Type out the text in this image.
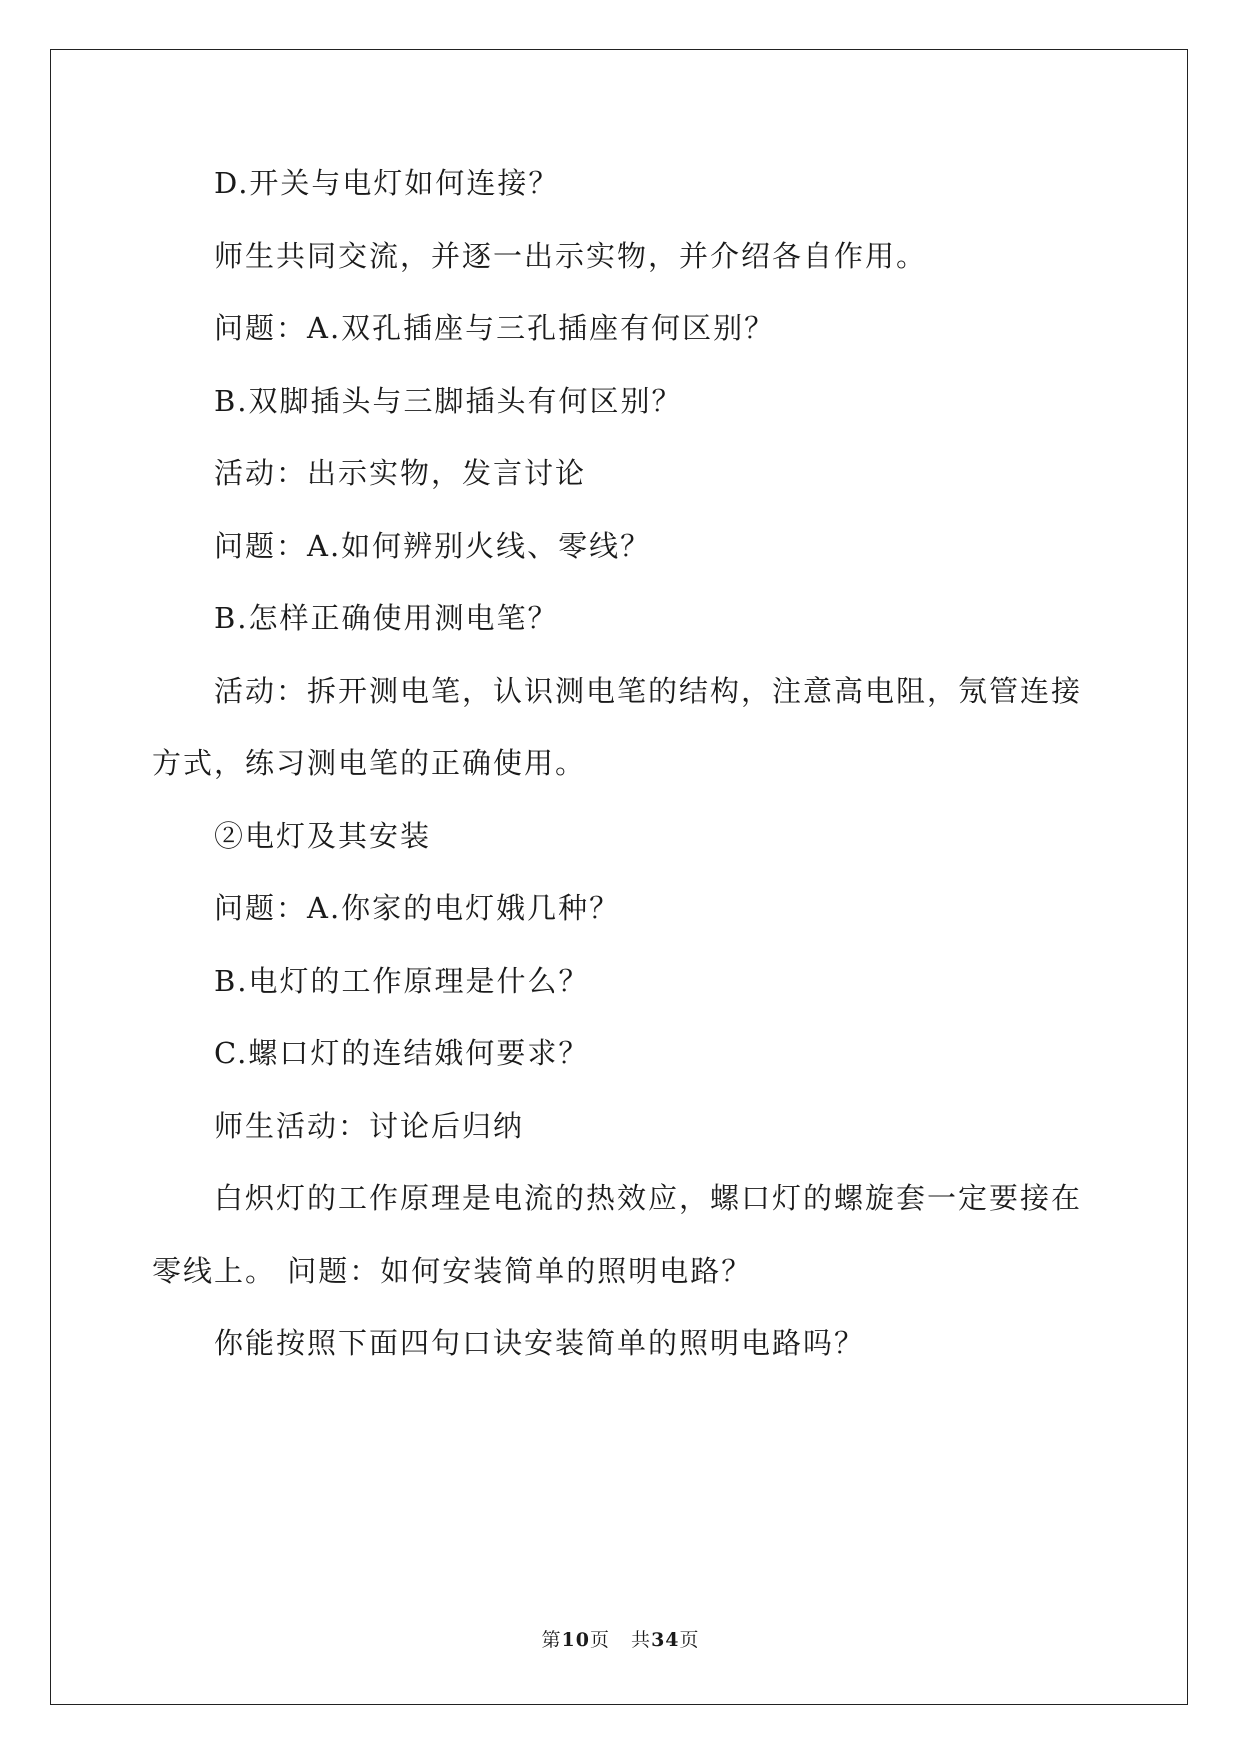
D.开关与电灯如何连接？

师生共同交流，并逐一出示实物，并介绍各自作用。

问题：A.双孔插座与三孔插座有何区别？

B.双脚插头与三脚插头有何区别？

活动：出示实物，发言讨论

问题：A.如何辨别火线、零线？

B.怎样正确使用测电笔？

活动：拆开测电笔，认识测电笔的结构，注意高电阻，氖管连接

方式，练习测电笔的正确使用。

②电灯及其安装

问题：A.你家的电灯娥几种？

B.电灯的工作原理是什么？

C.螺口灯的连结娥何要求？

师生活动：讨论后归纳

白炽灯的工作原理是电流的热效应，螺口灯的螺旋套一定要接在

零线上。 问题：如何安装简单的照明电路？

你能按照下面四句口诀安装简单的照明电路吗？

第10页   共34页
